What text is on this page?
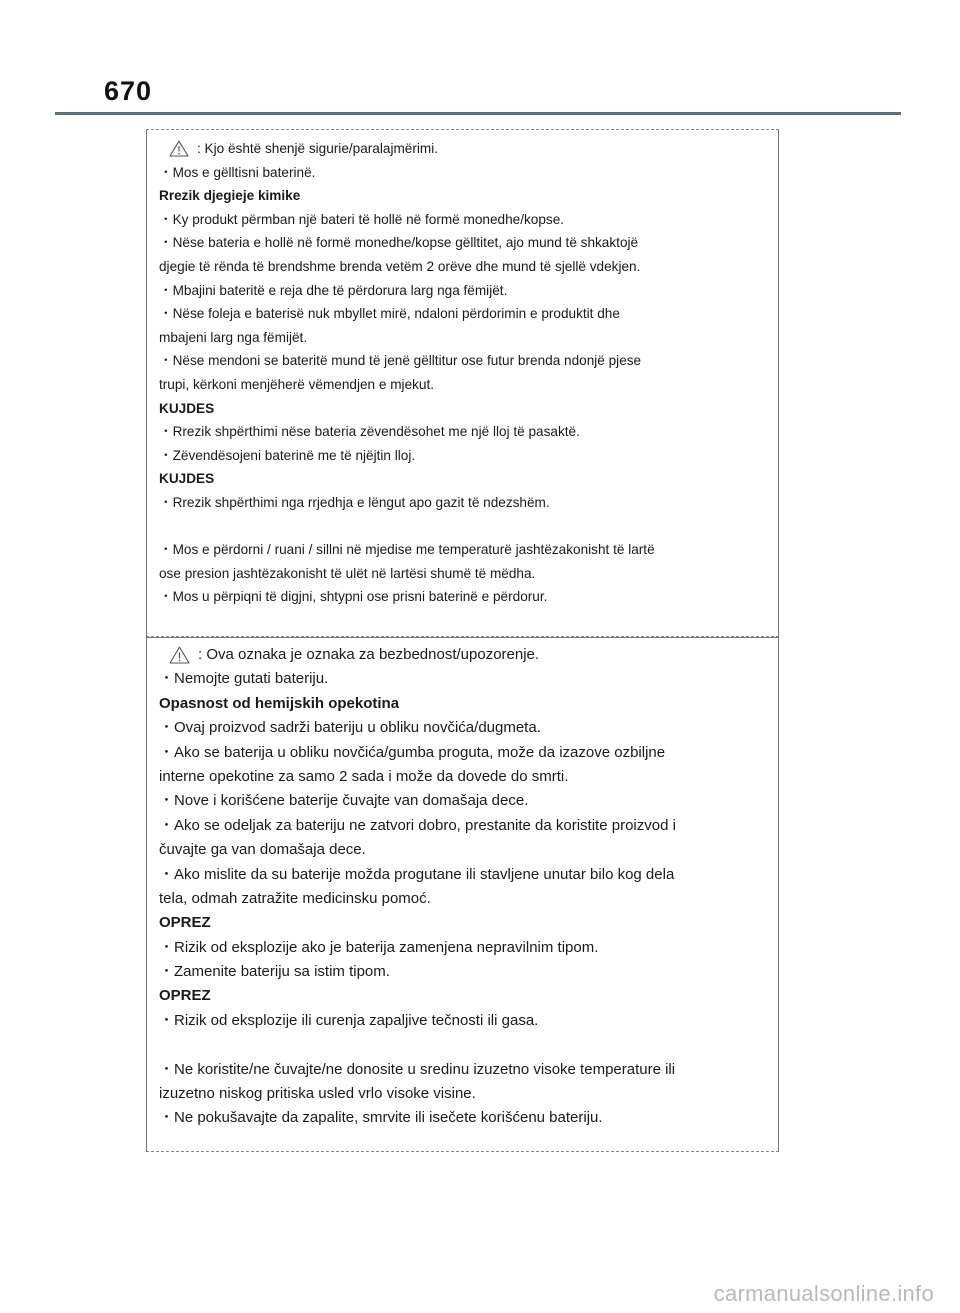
670
: Kjo është shenjë sigurie/paralajmërimi.
・Mos e gëlltisni baterinë.
Rrezik djegieje kimike
・Ky produkt përmban një bateri të hollë në formë monedhe/kopse.
・Nëse bateria e hollë në formë monedhe/kopse gëlltitet, ajo mund të shkaktojë
djegie të rënda të brendshme brenda vetëm 2 orëve dhe mund të sjellë vdekjen.
・Mbajini bateritë e reja dhe të përdorura larg nga fëmijët.
・Nëse foleja e baterisë nuk mbyllet mirë, ndaloni përdorimin e produktit dhe
mbajeni larg nga fëmijët.
・Nëse mendoni se bateritë mund të jenë gëlltitur ose futur brenda ndonjë pjese
trupi, kërkoni menjëherë vëmendjen e mjekut.
KUJDES
・Rrezik shpërthimi nëse bateria zëvendësohet me një lloj të pasaktë.
・Zëvendësojeni baterinë me të njëjtin lloj.
KUJDES
・Rrezik shpërthimi nga rrjedhja e lëngut apo gazit të ndezshëm.
・Mos e përdorni / ruani / sillni në mjedise me temperaturë jashtëzakonisht të lartë
ose presion jashtëzakonisht të ulët në lartësi shumë të mëdha.
・Mos u përpiqni të digjni, shtypni ose prisni baterinë e përdorur.
: Ova oznaka je oznaka za bezbednost/upozorenje.
・Nemojte gutati bateriju.
Opasnost od hemijskih opekotina
・Ovaj proizvod sadrži bateriju u obliku novčića/dugmeta.
・Ako se baterija u obliku novčića/gumba proguta, može da izazove ozbiljne
interne opekotine za samo 2 sada i može da dovede do smrti.
・Nove i korišćene baterije čuvajte van domašaja dece.
・Ako se odeljak za bateriju ne zatvori dobro, prestanite da koristite proizvod i
čuvajte ga van domašaja dece.
・Ako mislite da su baterije možda progutane ili stavljene unutar bilo kog dela
tela, odmah zatražite medicinsku pomoć.
OPREZ
・Rizik od eksplozije ako je baterija zamenjena nepravilnim tipom.
・Zamenite bateriju sa istim tipom.
OPREZ
・Rizik od eksplozije ili curenja zapaljive tečnosti ili gasa.
・Ne koristite/ne čuvajte/ne donosite u sredinu izuzetno visoke temperature ili
izuzetno niskog pritiska usled vrlo visoke visine.
・Ne pokušavajte da zapalite, smrvite ili isečete korišćenu bateriju.
carmanualsonline.info
